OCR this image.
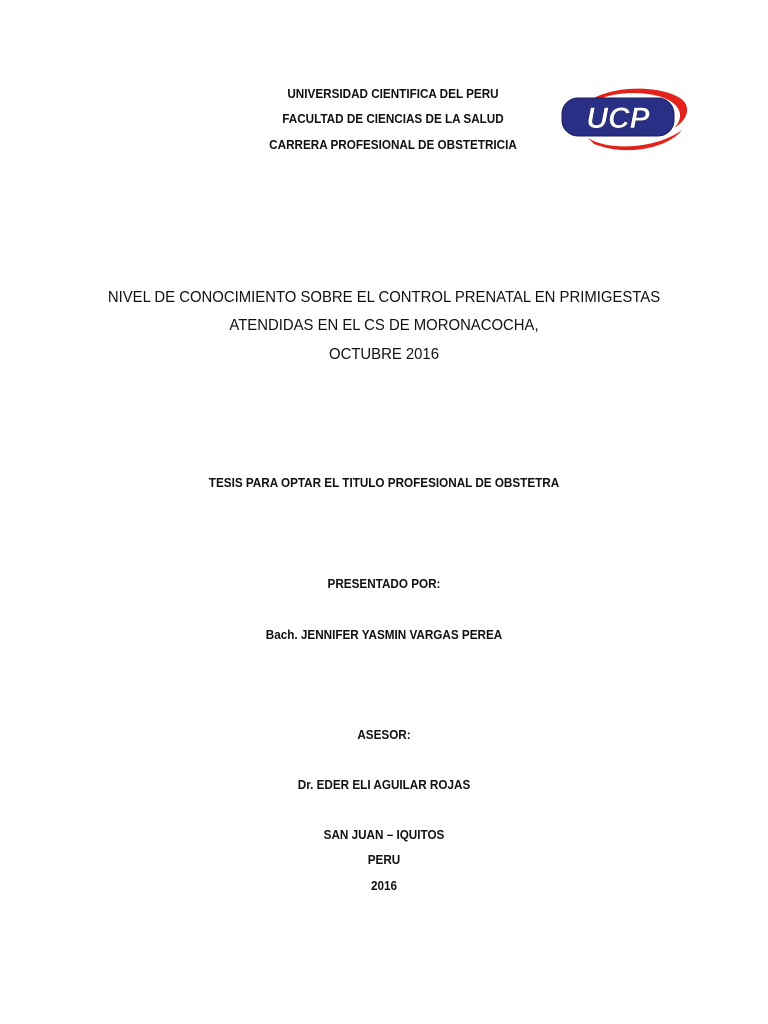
UNIVERSIDAD CIENTIFICA DEL PERU
FACULTAD DE CIENCIAS DE LA SALUD
CARRERA PROFESIONAL DE OBSTETRICIA
UCP
NIVEL DE CONOCIMIENTO SOBRE EL CONTROL PRENATAL EN PRIMIGESTAS
ATENDIDAS EN EL CS DE MORONACOCHA,
OCTUBRE 2016
TESIS PARA OPTAR EL TITULO PROFESIONAL DE OBSTETRA
PRESENTADO POR:
Bach. JENNIFER YASMIN VARGAS PEREA
ASESOR:
Dr. EDER ELI AGUILAR ROJAS
SAN JUAN – IQUITOS
PERU
2016
